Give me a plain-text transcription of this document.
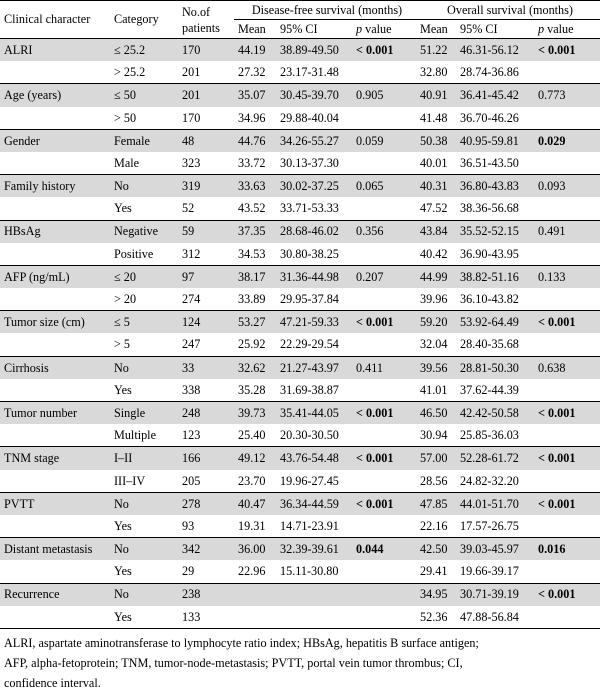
Clinical character	Category	No.of
patients	Disease-free survival (months)			Overall survival (months)		
			Mean	95% CI	p value	Mean	95% CI	p value
ALRI	≤ 25.2	170	44.19	38.89-49.50	< 0.001	51.22	46.31-56.12	< 0.001
	> 25.2	201	27.32	23.17-31.48		32.80	28.74-36.86	
Age (years)	≤ 50	201	35.07	30.45-39.70	0.905	40.91	36.41-45.42	0.773
	> 50	170	34.96	29.88-40.04		41.48	36.70-46.26	
Gender	Female	48	44.76	34.26-55.27	0.059	50.38	40.95-59.81	0.029
	Male	323	33.72	30.13-37.30		40.01	36.51-43.50	
Family history	No	319	33.63	30.02-37.25	0.065	40.31	36.80-43.83	0.093
	Yes	52	43.52	33.71-53.33		47.52	38.36-56.68	
HBsAg	Negative	59	37.35	28.68-46.02	0.356	43.84	35.52-52.15	0.491
	Positive	312	34.53	30.80-38.25		40.42	36.90-43.95	
AFP (ng/mL)	≤ 20	97	38.17	31.36-44.98	0.207	44.99	38.82-51.16	0.133
	> 20	274	33.89	29.95-37.84		39.96	36.10-43.82	
Tumor size (cm)	≤ 5	124	53.27	47.21-59.33	< 0.001	59.20	53.92-64.49	< 0.001
	> 5	247	25.92	22.29-29.54		32.04	28.40-35.68	
Cirrhosis	No	33	32.62	21.27-43.97	0.411	39.56	28.81-50.30	0.638
	Yes	338	35.28	31.69-38.87		41.01	37.62-44.39	
Tumor number	Single	248	39.73	35.41-44.05	< 0.001	46.50	42.42-50.58	< 0.001
	Multiple	123	25.40	20.30-30.50		30.94	25.85-36.03	
TNM stage	I–II	166	49.12	43.76-54.48	< 0.001	57.00	52.28-61.72	< 0.001
	III–IV	205	23.70	19.96-27.45		28.56	24.82-32.20	
PVTT	No	278	40.47	36.34-44.59	< 0.001	47.85	44.01-51.70	< 0.001
	Yes	93	19.31	14.71-23.91		22.16	17.57-26.75	
Distant metastasis	No	342	36.00	32.39-39.61	0.044	42.50	39.03-45.97	0.016
	Yes	29	22.96	15.11-30.80		29.41	19.66-39.17	
Recurrence	No	238				34.95	30.71-39.19	< 0.001
	Yes	133				52.36	47.88-56.84	
ALRI, aspartate aminotransferase to lymphocyte ratio index; HBsAg, hepatitis B surface antigen;
AFP, alpha-fetoprotein; TNM, tumor-node-metastasis; PVTT, portal vein tumor thrombus; CI,
confidence interval.
